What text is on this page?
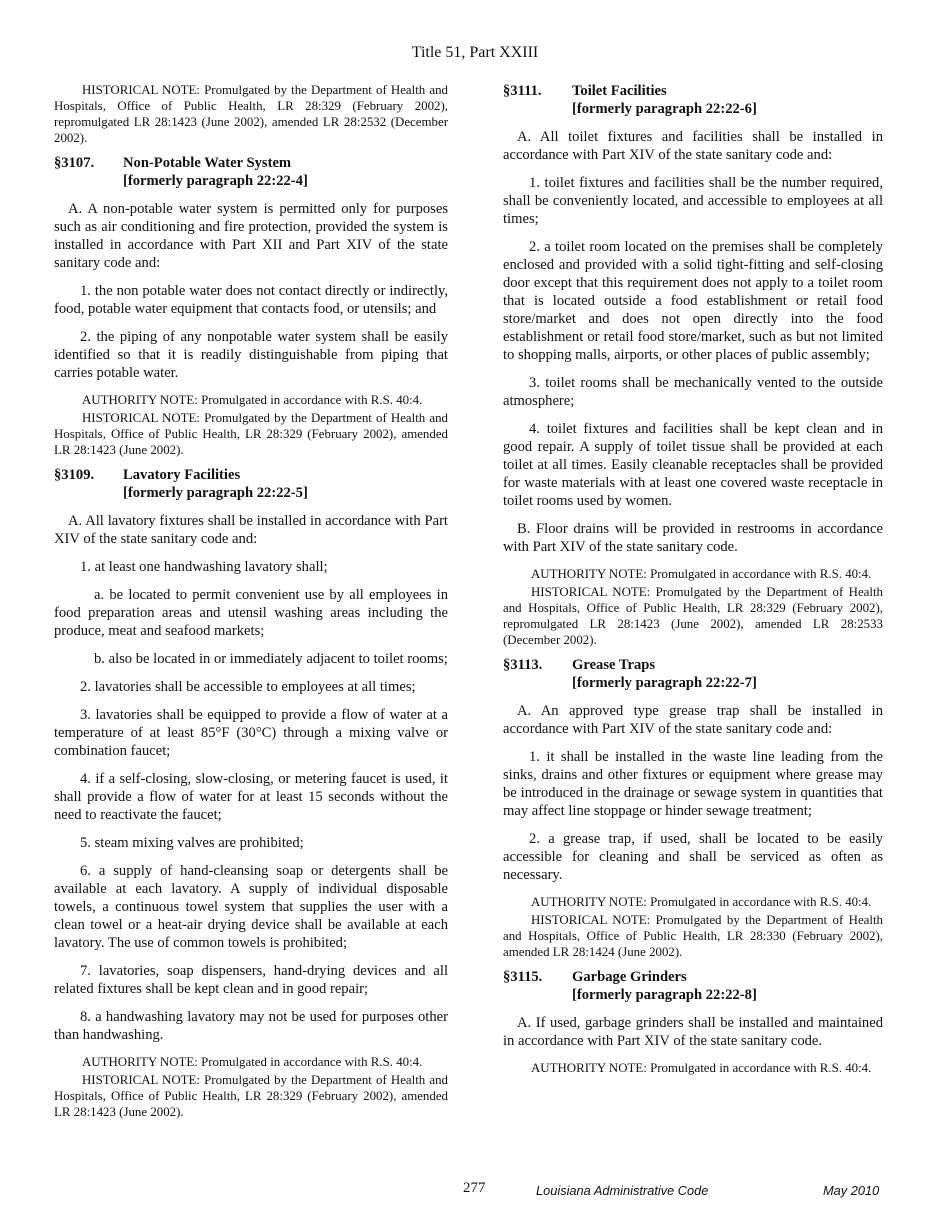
Title 51, Part XXIII

HISTORICAL NOTE: Promulgated by the Department of Health and Hospitals, Office of Public Health, LR 28:329 (February 2002), repromulgated LR 28:1423 (June 2002), amended LR 28:2532 (December 2002).

§3107.	Non-Potable Water System
[formerly paragraph 22:22-4]

A. A non-potable water system is permitted only for purposes such as air conditioning and fire protection, provided the system is installed in accordance with Part XII and Part XIV of the state sanitary code and:

1. the non potable water does not contact directly or indirectly, food, potable water equipment that contacts food, or utensils; and

2. the piping of any nonpotable water system shall be easily identified so that it is readily distinguishable from piping that carries potable water.

AUTHORITY NOTE: Promulgated in accordance with R.S. 40:4.

HISTORICAL NOTE: Promulgated by the Department of Health and Hospitals, Office of Public Health, LR 28:329 (February 2002), amended LR 28:1423 (June 2002).

§3109.	Lavatory Facilities
[formerly paragraph 22:22-5]

A. All lavatory fixtures shall be installed in accordance with Part XIV of the state sanitary code and:

1. at least one handwashing lavatory shall;

a. be located to permit convenient use by all employees in food preparation areas and utensil washing areas including the produce, meat and seafood markets;

b. also be located in or immediately adjacent to toilet rooms;

2. lavatories shall be accessible to employees at all times;

3. lavatories shall be equipped to provide a flow of water at a temperature of at least 85°F (30°C) through a mixing valve or combination faucet;

4. if a self-closing, slow-closing, or metering faucet is used, it shall provide a flow of water for at least 15 seconds without the need to reactivate the faucet;

5. steam mixing valves are prohibited;

6. a supply of hand-cleansing soap or detergents shall be available at each lavatory. A supply of individual disposable towels, a continuous towel system that supplies the user with a clean towel or a heat-air drying device shall be available at each lavatory. The use of common towels is prohibited;

7. lavatories, soap dispensers, hand-drying devices and all related fixtures shall be kept clean and in good repair;

8. a handwashing lavatory may not be used for purposes other than handwashing.

AUTHORITY NOTE: Promulgated in accordance with R.S. 40:4.

HISTORICAL NOTE: Promulgated by the Department of Health and Hospitals, Office of Public Health, LR 28:329 (February 2002), amended LR 28:1423 (June 2002).

§3111.	Toilet Facilities
[formerly paragraph 22:22-6]

A. All toilet fixtures and facilities shall be installed in accordance with Part XIV of the state sanitary code and:

1. toilet fixtures and facilities shall be the number required, shall be conveniently located, and accessible to employees at all times;

2. a toilet room located on the premises shall be completely enclosed and provided with a solid tight-fitting and self-closing door except that this requirement does not apply to a toilet room that is located outside a food establishment or retail food store/market and does not open directly into the food establishment or retail food store/market, such as but not limited to shopping malls, airports, or other places of public assembly;

3. toilet rooms shall be mechanically vented to the outside atmosphere;

4. toilet fixtures and facilities shall be kept clean and in good repair. A supply of toilet tissue shall be provided at each toilet at all times. Easily cleanable receptacles shall be provided for waste materials with at least one covered waste receptacle in toilet rooms used by women.

B. Floor drains will be provided in restrooms in accordance with Part XIV of the state sanitary code.

AUTHORITY NOTE: Promulgated in accordance with R.S. 40:4.

HISTORICAL NOTE: Promulgated by the Department of Health and Hospitals, Office of Public Health, LR 28:329 (February 2002), repromulgated LR 28:1423 (June 2002), amended LR 28:2533 (December 2002).

§3113.	Grease Traps
[formerly paragraph 22:22-7]

A. An approved type grease trap shall be installed in accordance with Part XIV of the state sanitary code and:

1. it shall be installed in the waste line leading from the sinks, drains and other fixtures or equipment where grease may be introduced in the drainage or sewage system in quantities that may affect line stoppage or hinder sewage treatment;

2. a grease trap, if used, shall be located to be easily accessible for cleaning and shall be serviced as often as necessary.

AUTHORITY NOTE: Promulgated in accordance with R.S. 40:4.

HISTORICAL NOTE: Promulgated by the Department of Health and Hospitals, Office of Public Health, LR 28:330 (February 2002), amended LR 28:1424 (June 2002).

§3115.	Garbage Grinders
[formerly paragraph 22:22-8]

A. If used, garbage grinders shall be installed and maintained in accordance with Part XIV of the state sanitary code.

AUTHORITY NOTE: Promulgated in accordance with R.S. 40:4.

277	Louisiana Administrative Code	May 2010
